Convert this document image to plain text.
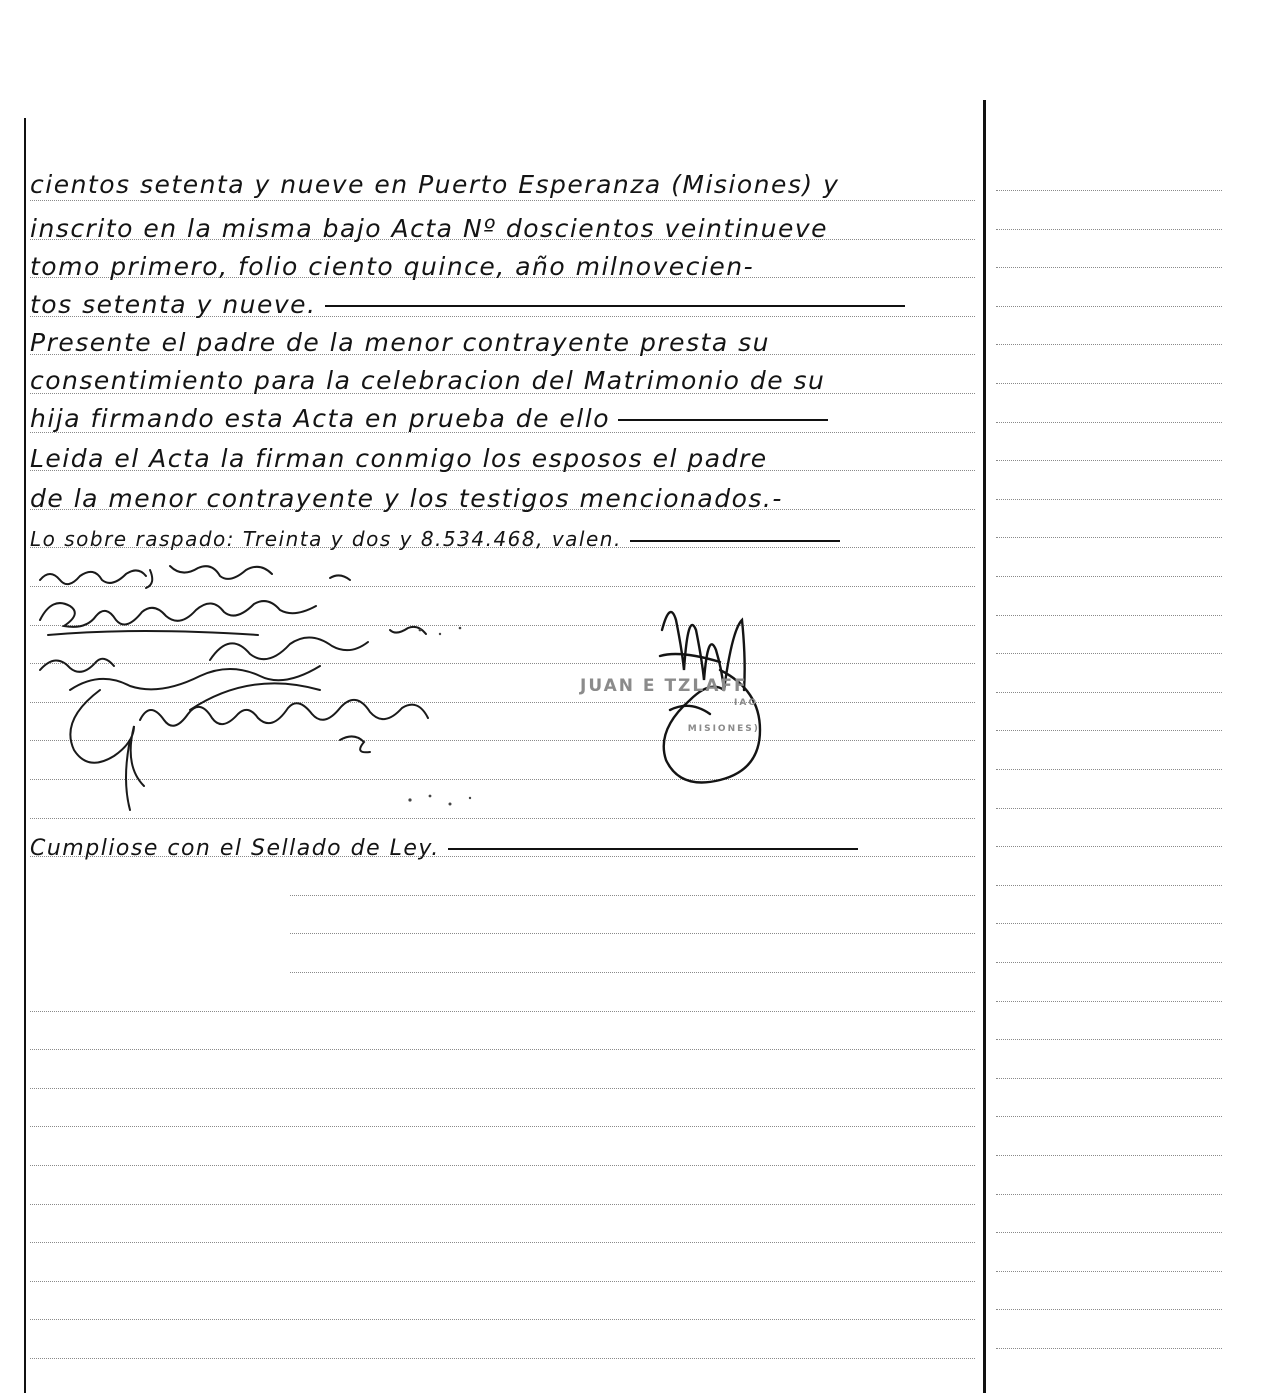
cientos setenta y nueve en Puerto Esperanza (Misiones) y
inscrito en la misma bajo Acta Nº doscientos veintinueve
tomo primero, folio ciento quince, año milnovecien-
tos setenta y nueve.
Presente el padre de la menor contrayente presta su
consentimiento para la celebracion del Matrimonio de su
hija firmando esta Acta en prueba de ello
Leida el Acta la firman conmigo los esposos el padre
de la menor contrayente y los testigos mencionados.-
Lo sobre raspado: Treinta y dos y 8.534.468, valen.
JUAN E TZLAFF
IAO
MISIONES)
Cumpliose con el Sellado de Ley.
